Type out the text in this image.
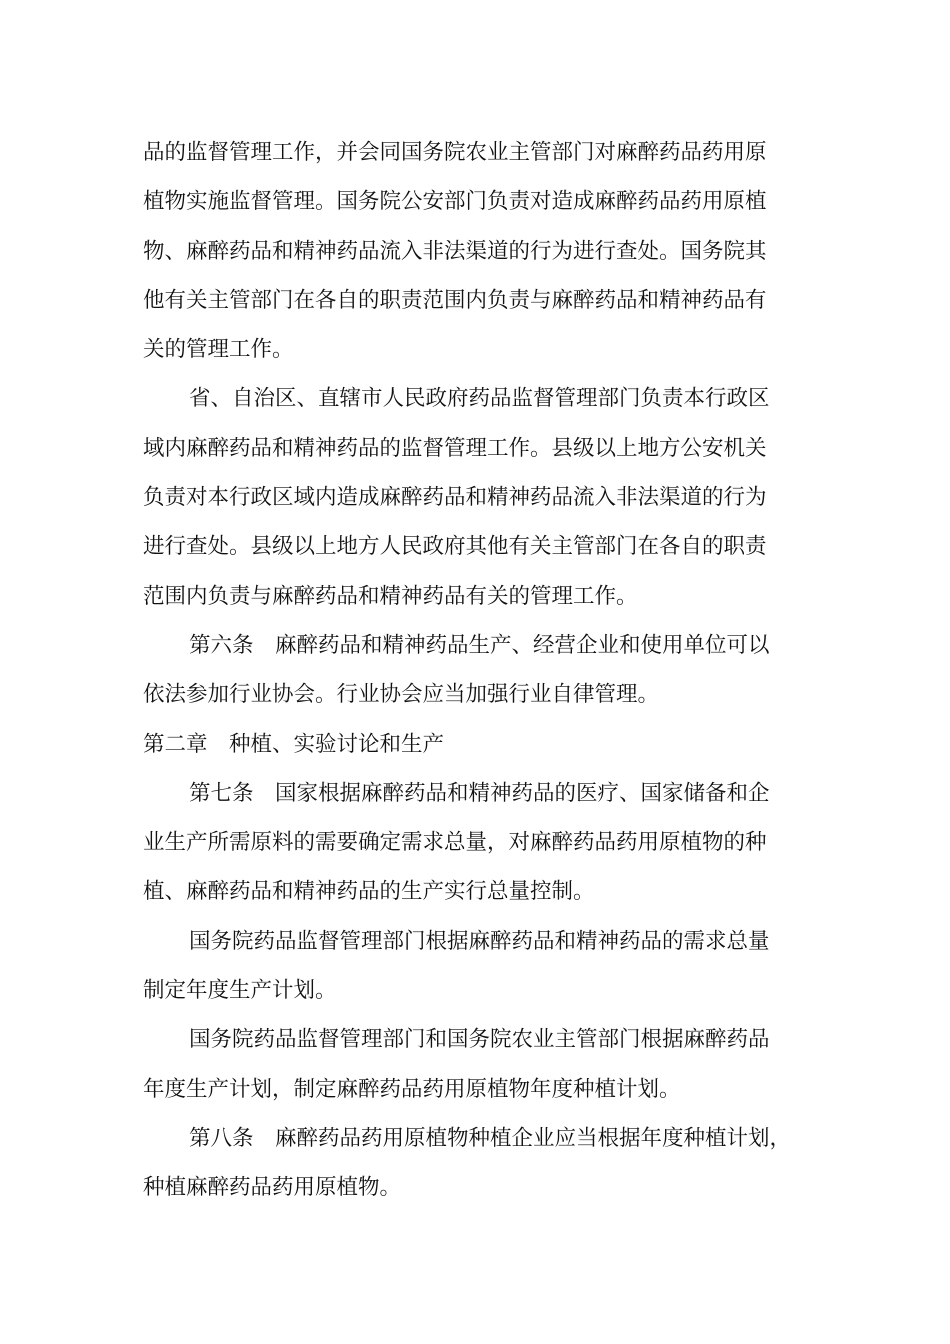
品的监督管理工作，并会同国务院农业主管部门对麻醉药品药用原
植物实施监督管理。国务院公安部门负责对造成麻醉药品药用原植
物、麻醉药品和精神药品流入非法渠道的行为进行查处。国务院其
他有关主管部门在各自的职责范围内负责与麻醉药品和精神药品有
关的管理工作。
省、自治区、直辖市人民政府药品监督管理部门负责本行政区
域内麻醉药品和精神药品的监督管理工作。县级以上地方公安机关
负责对本行政区域内造成麻醉药品和精神药品流入非法渠道的行为
进行查处。县级以上地方人民政府其他有关主管部门在各自的职责
范围内负责与麻醉药品和精神药品有关的管理工作。
第六条　麻醉药品和精神药品生产、经营企业和使用单位可以
依法参加行业协会。行业协会应当加强行业自律管理。
第二章　种植、实验讨论和生产
第七条　国家根据麻醉药品和精神药品的医疗、国家储备和企
业生产所需原料的需要确定需求总量，对麻醉药品药用原植物的种
植、麻醉药品和精神药品的生产实行总量控制。
国务院药品监督管理部门根据麻醉药品和精神药品的需求总量
制定年度生产计划。
国务院药品监督管理部门和国务院农业主管部门根据麻醉药品
年度生产计划，制定麻醉药品药用原植物年度种植计划。
第八条　麻醉药品药用原植物种植企业应当根据年度种植计划，
种植麻醉药品药用原植物。
